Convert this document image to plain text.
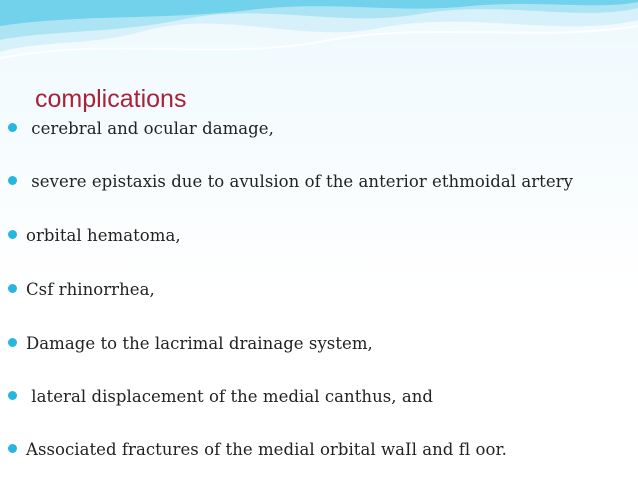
complications
cerebral and ocular damage,
severe epistaxis due to avulsion of the anterior ethmoidal artery
orbital hematoma,
Csf rhinorrhea,
Damage to the lacrimal drainage system,
lateral displacement of the medial canthus, and
Associated fractures of the medial orbital waIl and fl oor.
